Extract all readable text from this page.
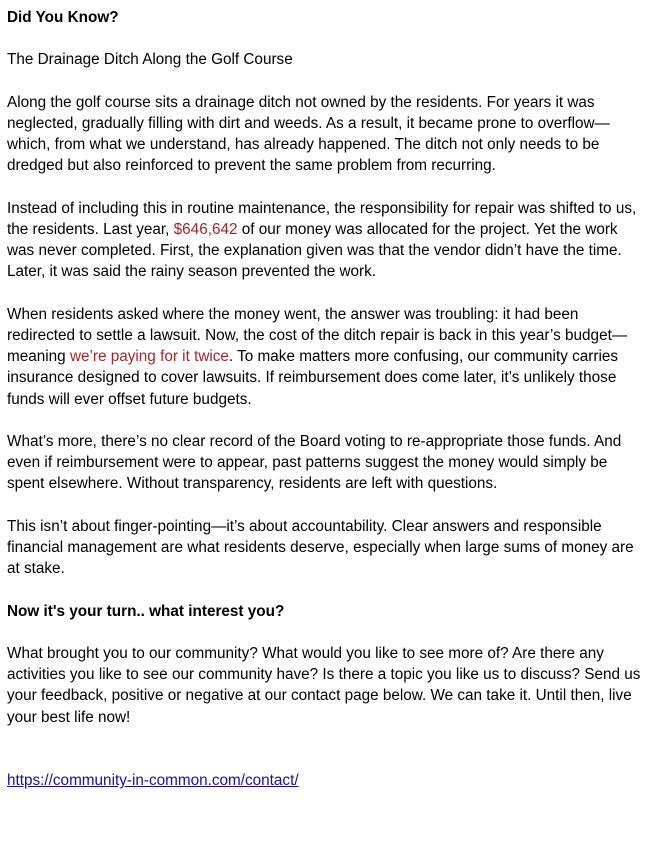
Did You Know?

The Drainage Ditch Along the Golf Course

Along the golf course sits a drainage ditch not owned by the residents. For years it was neglected, gradually filling with dirt and weeds. As a result, it became prone to overflow—which, from what we understand, has already happened. The ditch not only needs to be dredged but also reinforced to prevent the same problem from recurring.

Instead of including this in routine maintenance, the responsibility for repair was shifted to us, the residents. Last year, $646,642 of our money was allocated for the project. Yet the work was never completed. First, the explanation given was that the vendor didn’t have the time. Later, it was said the rainy season prevented the work.

When residents asked where the money went, the answer was troubling: it had been redirected to settle a lawsuit. Now, the cost of the ditch repair is back in this year’s budget—meaning we’re paying for it twice. To make matters more confusing, our community carries insurance designed to cover lawsuits. If reimbursement does come later, it’s unlikely those funds will ever offset future budgets.

What’s more, there’s no clear record of the Board voting to re-appropriate those funds. And even if reimbursement were to appear, past patterns suggest the money would simply be spent elsewhere. Without transparency, residents are left with questions.

This isn’t about finger-pointing—it’s about accountability. Clear answers and responsible financial management are what residents deserve, especially when large sums of money are at stake.

Now it's your turn.. what interest you?

What brought you to our community? What would you like to see more of? Are there any activities you like to see our community have? Is there a topic you like us to discuss? Send us your feedback, positive or negative at our contact page below. We can take it. Until then, live your best life now!

https://community-in-common.com/contact/
